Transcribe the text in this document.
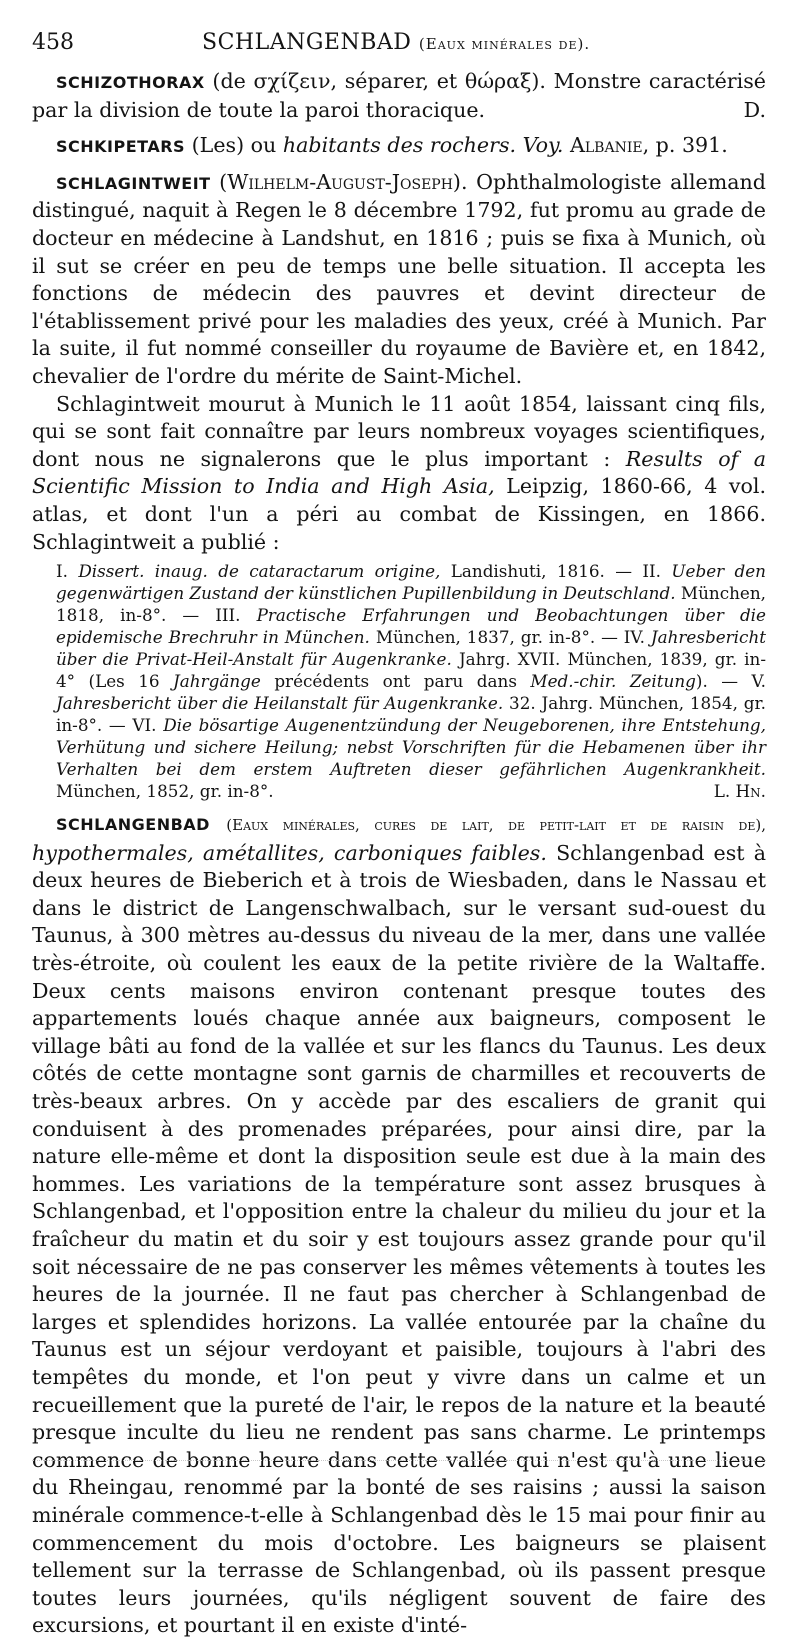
458	SCHLANGENBAD (Eaux minérales de).

SCHIZOTHORAX (de σχίζειν, séparer, et θώραξ). Monstre caractérisé par la division de toute la paroi thoracique.	D.

SCHKIPETARS (Les) ou habitants des rochers. Voy. Albanie, p. 391.

SCHLAGINTWEIT (Wilhelm-August-Joseph). Ophthalmologiste allemand distingué, naquit à Regen le 8 décembre 1792, fut promu au grade de docteur en médecine à Landshut, en 1816 ; puis se fixa à Munich, où il sut se créer en peu de temps une belle situation. Il accepta les fonctions de médecin des pauvres et devint directeur de l'établissement privé pour les maladies des yeux, créé à Munich. Par la suite, il fut nommé conseiller du royaume de Bavière et, en 1842, chevalier de l'ordre du mérite de Saint-Michel.

Schlagintweit mourut à Munich le 11 août 1854, laissant cinq fils, qui se sont fait connaître par leurs nombreux voyages scientifiques, dont nous ne signalerons que le plus important : Results of a Scientific Mission to India and High Asia, Leipzig, 1860-66, 4 vol. atlas, et dont l'un a péri au combat de Kissingen, en 1866. Schlagintweit a publié :

I. Dissert. inaug. de cataractarum origine, Landishuti, 1816. — II. Ueber den gegenwärtigen Zustand der künstlichen Pupillenbildung in Deutschland. München, 1818, in-8°. — III. Practische Erfahrungen und Beobachtungen über die epidemische Brechruhr in München. München, 1837, gr. in-8°. — IV. Jahresbericht über die Privat-Heil-Anstalt für Augenkranke. Jahrg. XVII. München, 1839, gr. in-4° (Les 16 Jahrgänge précédents ont paru dans Med.-chir. Zeitung). — V. Jahresbericht über die Heilanstalt für Augenkranke. 32. Jahrg. München, 1854, gr. in-8°. — VI. Die bösartige Augenentzündung der Neugeborenen, ihre Entstehung, Verhütung und sichere Heilung; nebst Vorschriften für die Hebamenen über ihr Verhalten bei dem erstem Auftreten dieser gefährlichen Augenkrankheit. München, 1852, gr. in-8°.	L. Hn.

SCHLANGENBAD (Eaux minérales, cures de lait, de petit-lait et de raisin de), hypothermales, amétallites, carboniques faibles. Schlangenbad est à deux heures de Bieberich et à trois de Wiesbaden, dans le Nassau et dans le district de Langenschwalbach, sur le versant sud-ouest du Taunus, à 300 mètres au-dessus du niveau de la mer, dans une vallée très-étroite, où coulent les eaux de la petite rivière de la Waltaffe. Deux cents maisons environ contenant presque toutes des appartements loués chaque année aux baigneurs, composent le village bâti au fond de la vallée et sur les flancs du Taunus. Les deux côtés de cette montagne sont garnis de charmilles et recouverts de très-beaux arbres. On y accède par des escaliers de granit qui conduisent à des promenades préparées, pour ainsi dire, par la nature elle-même et dont la disposition seule est due à la main des hommes. Les variations de la température sont assez brusques à Schlangenbad, et l'opposition entre la chaleur du milieu du jour et la fraîcheur du matin et du soir y est toujours assez grande pour qu'il soit nécessaire de ne pas conserver les mêmes vêtements à toutes les heures de la journée. Il ne faut pas chercher à Schlangenbad de larges et splendides horizons. La vallée entourée par la chaîne du Taunus est un séjour verdoyant et paisible, toujours à l'abri des tempêtes du monde, et l'on peut y vivre dans un calme et un recueillement que la pureté de l'air, le repos de la nature et la beauté presque inculte du lieu ne rendent pas sans charme. Le printemps commence de bonne heure dans cette vallée qui n'est qu'à une lieue du Rheingau, renommé par la bonté de ses raisins ; aussi la saison minérale commence-t-elle à Schlangenbad dès le 15 mai pour finir au commencement du mois d'octobre. Les baigneurs se plaisent tellement sur la terrasse de Schlangenbad, où ils passent presque toutes leurs journées, qu'ils négligent souvent de faire des excursions, et pourtant il en existe d'inté-
